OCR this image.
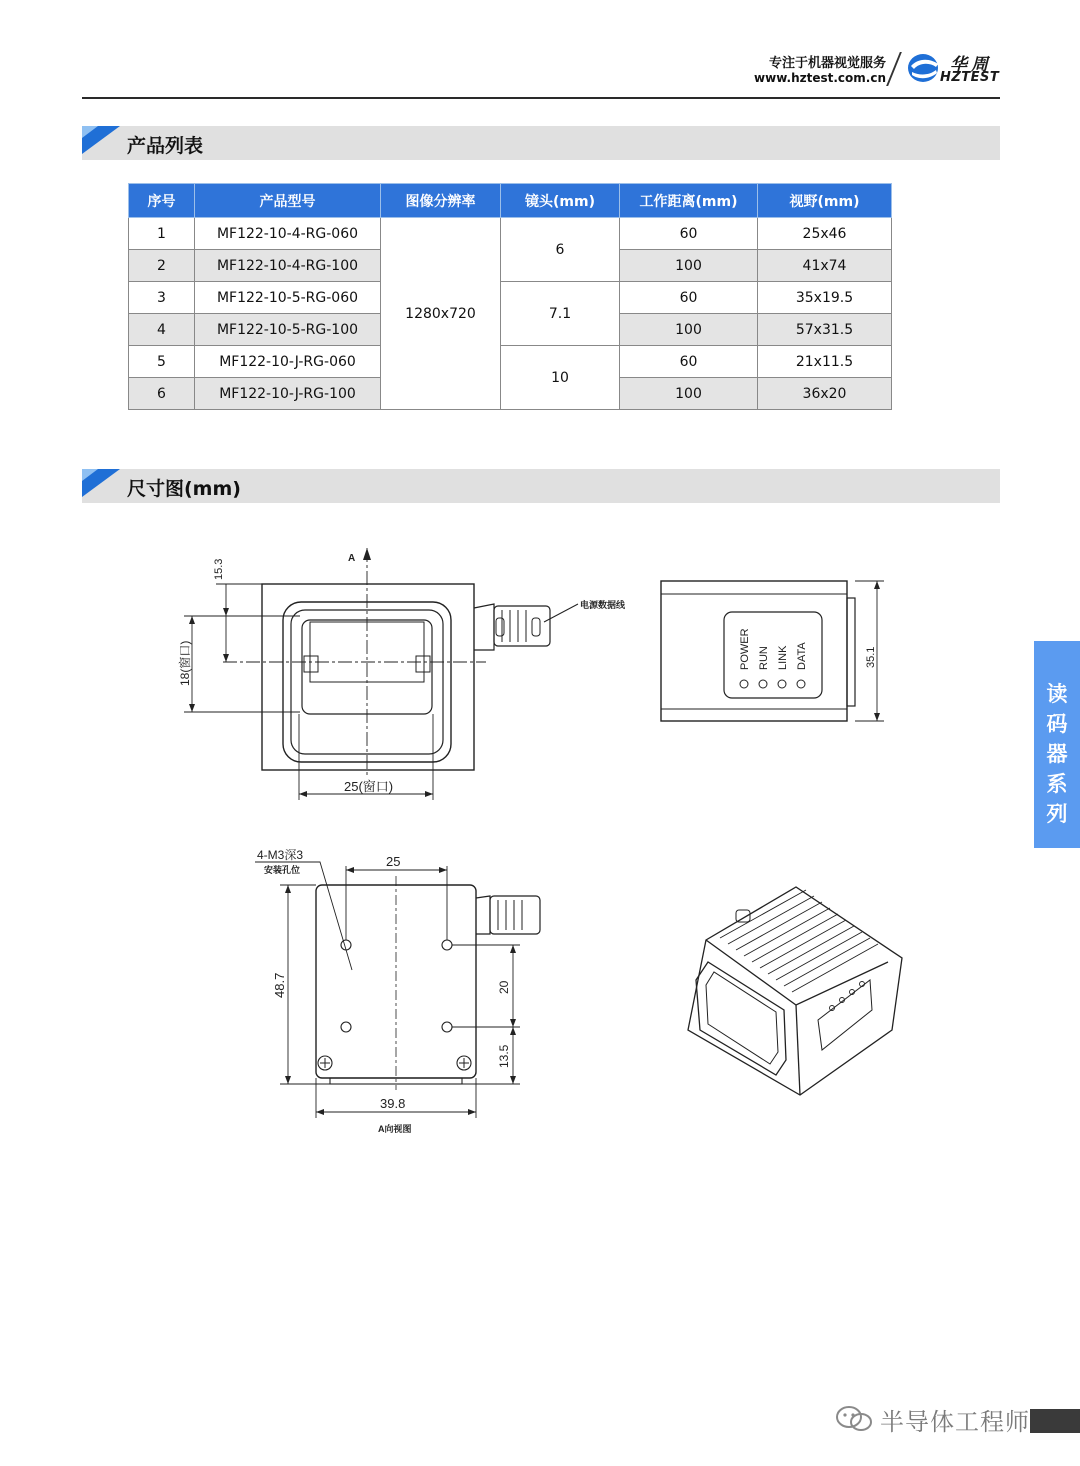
专注于机器视觉服务
www.hztest.com.cn
华周
HZTEST
产品列表
序号	产品型号	图像分辨率	镜头(mm)	工作距离(mm)	视野(mm)
1	MF122-10-4-RG-060	1280x720	6	60	25x46
2	MF122-10-4-RG-100			100	41x74
3	MF122-10-5-RG-060		7.1	60	35x19.5
4	MF122-10-5-RG-100			100	57x31.5
5	MF122-10-J-RG-060		10	60	21x11.5
6	MF122-10-J-RG-100			100	36x20
尺寸图(mm)
A
15.3
18(窗口)
25(窗口)
电源数据线
35.1
POWER RUN LINK DATA
4-M3深3
安装孔位
25
48.7	20
13.5
39.8
A向视图
读
码
器
系
列
半导体工程师
